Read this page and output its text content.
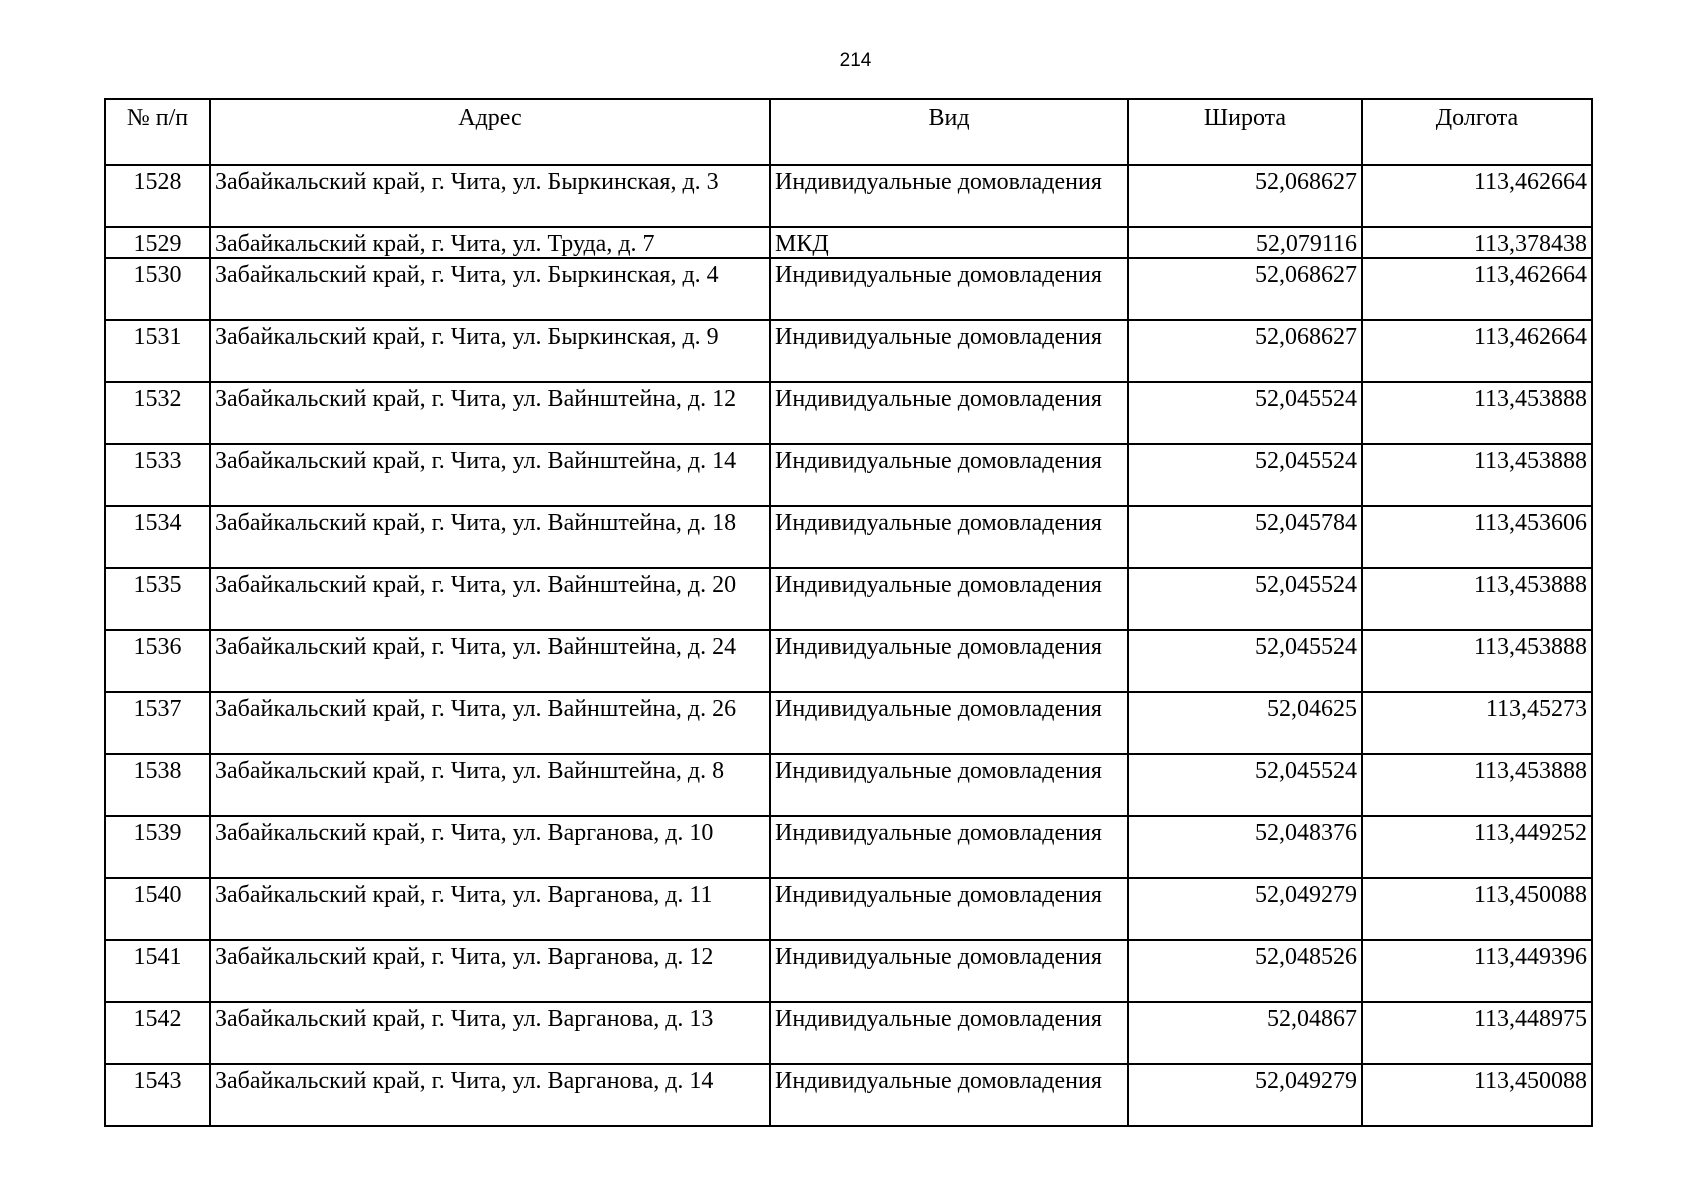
214
№ п/п	Адрес	Вид	Широта	Долгота
1528	Забайкальский край, г. Чита, ул. Быркинская, д. 3	Индивидуальные домовладения	52,068627	113,462664
1529	Забайкальский край, г. Чита, ул. Труда, д. 7	МКД	52,079116	113,378438
1530	Забайкальский край, г. Чита, ул. Быркинская, д. 4	Индивидуальные домовладения	52,068627	113,462664
1531	Забайкальский край, г. Чита, ул. Быркинская, д. 9	Индивидуальные домовладения	52,068627	113,462664
1532	Забайкальский край, г. Чита, ул. Вайнштейна, д. 12	Индивидуальные домовладения	52,045524	113,453888
1533	Забайкальский край, г. Чита, ул. Вайнштейна, д. 14	Индивидуальные домовладения	52,045524	113,453888
1534	Забайкальский край, г. Чита, ул. Вайнштейна, д. 18	Индивидуальные домовладения	52,045784	113,453606
1535	Забайкальский край, г. Чита, ул. Вайнштейна, д. 20	Индивидуальные домовладения	52,045524	113,453888
1536	Забайкальский край, г. Чита, ул. Вайнштейна, д. 24	Индивидуальные домовладения	52,045524	113,453888
1537	Забайкальский край, г. Чита, ул. Вайнштейна, д. 26	Индивидуальные домовладения	52,04625	113,45273
1538	Забайкальский край, г. Чита, ул. Вайнштейна, д. 8	Индивидуальные домовладения	52,045524	113,453888
1539	Забайкальский край, г. Чита, ул. Варганова, д. 10	Индивидуальные домовладения	52,048376	113,449252
1540	Забайкальский край, г. Чита, ул. Варганова, д. 11	Индивидуальные домовладения	52,049279	113,450088
1541	Забайкальский край, г. Чита, ул. Варганова, д. 12	Индивидуальные домовладения	52,048526	113,449396
1542	Забайкальский край, г. Чита, ул. Варганова, д. 13	Индивидуальные домовладения	52,04867	113,448975
1543	Забайкальский край, г. Чита, ул. Варганова, д. 14	Индивидуальные домовладения	52,049279	113,450088
